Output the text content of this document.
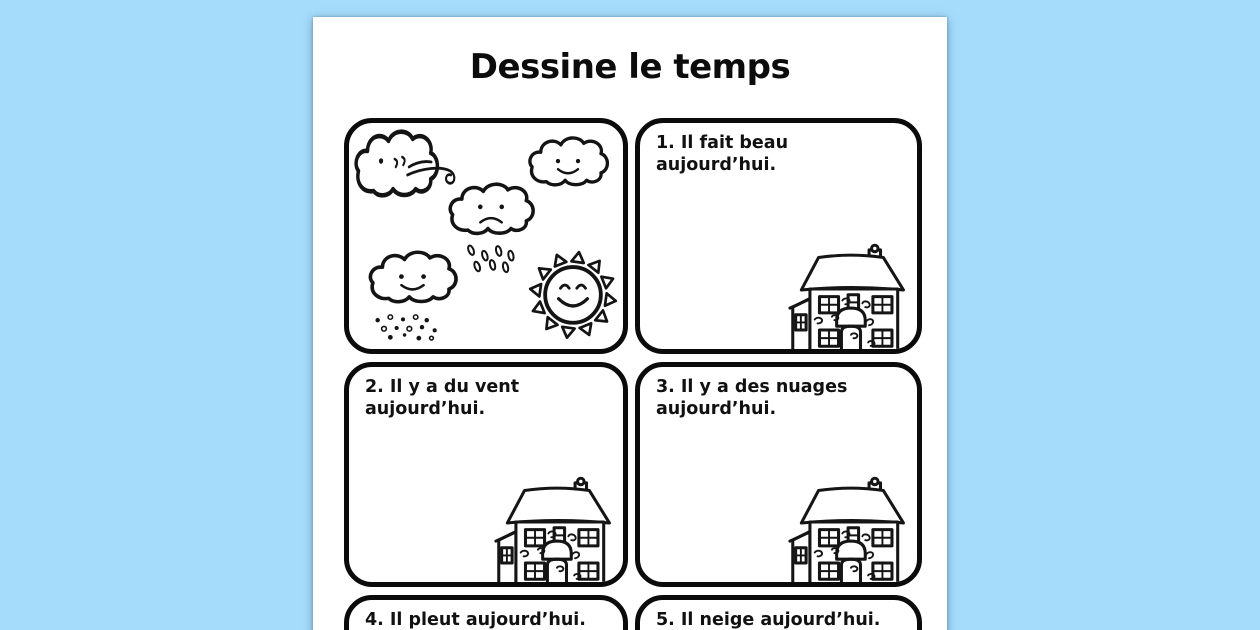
Dessine le temps
1. Il fait beau aujourd’hui.
2. Il y a du vent aujourd’hui.
3. Il y a des nuages aujourd’hui.
4. Il pleut aujourd’hui.	5. Il neige aujourd’hui.
